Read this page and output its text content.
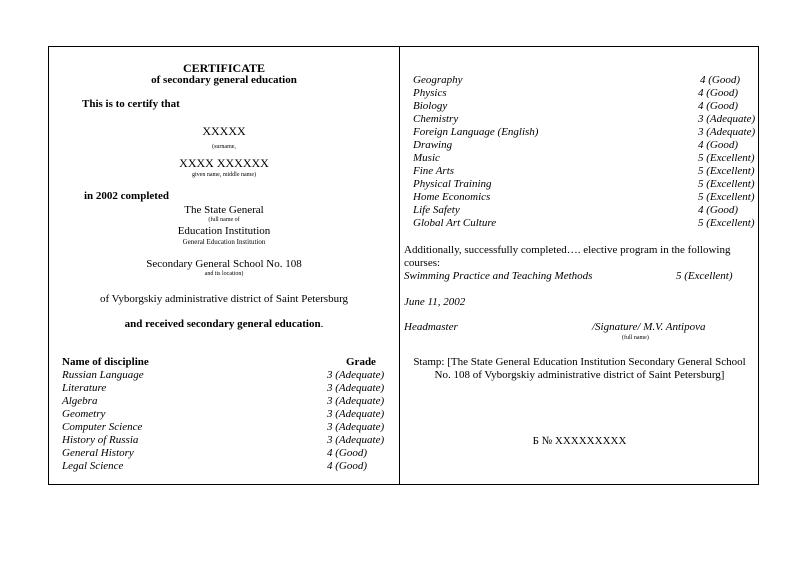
CERTIFICATE
of secondary general education
This is to certify that
XXXXX
(surname,
XXXX XXXXXX
given name, middle name)
in 2002 completed
The State General
(full name of
Education Institution
General Education Institution
Secondary General School No. 108
and its location)
of Vyborgskiy administrative district of Saint Petersburg
and received secondary general education.
Name of discipline	Grade
Russian Language	3 (Adequate)
Literature	3 (Adequate)
Algebra	3 (Adequate)
Geometry	3 (Adequate)
Computer Science	3 (Adequate)
History of Russia	3 (Adequate)
General History	4 (Good)
Legal Science	4 (Good)
Geography	4 (Good)
Physics	4 (Good)
Biology	4 (Good)
Chemistry	3 (Adequate)
Foreign Language (English)	3 (Adequate)
Drawing	4 (Good)
Music	5 (Excellent)
Fine Arts	5 (Excellent)
Physical Training	5 (Excellent)
Home Economics	5 (Excellent)
Life Safety	4 (Good)
Global Art Culture	5 (Excellent)
Additionally, successfully completed…. elective program in the following
courses:
Swimming Practice and Teaching Methods	5 (Excellent)
June 11, 2002
Headmaster	/Signature/ M.V. Antipova
(full name)
Stamp: [The State General Education Institution Secondary General School
No. 108 of Vyborgskiy administrative district of Saint Petersburg]
Б № XXXXXXXXX
